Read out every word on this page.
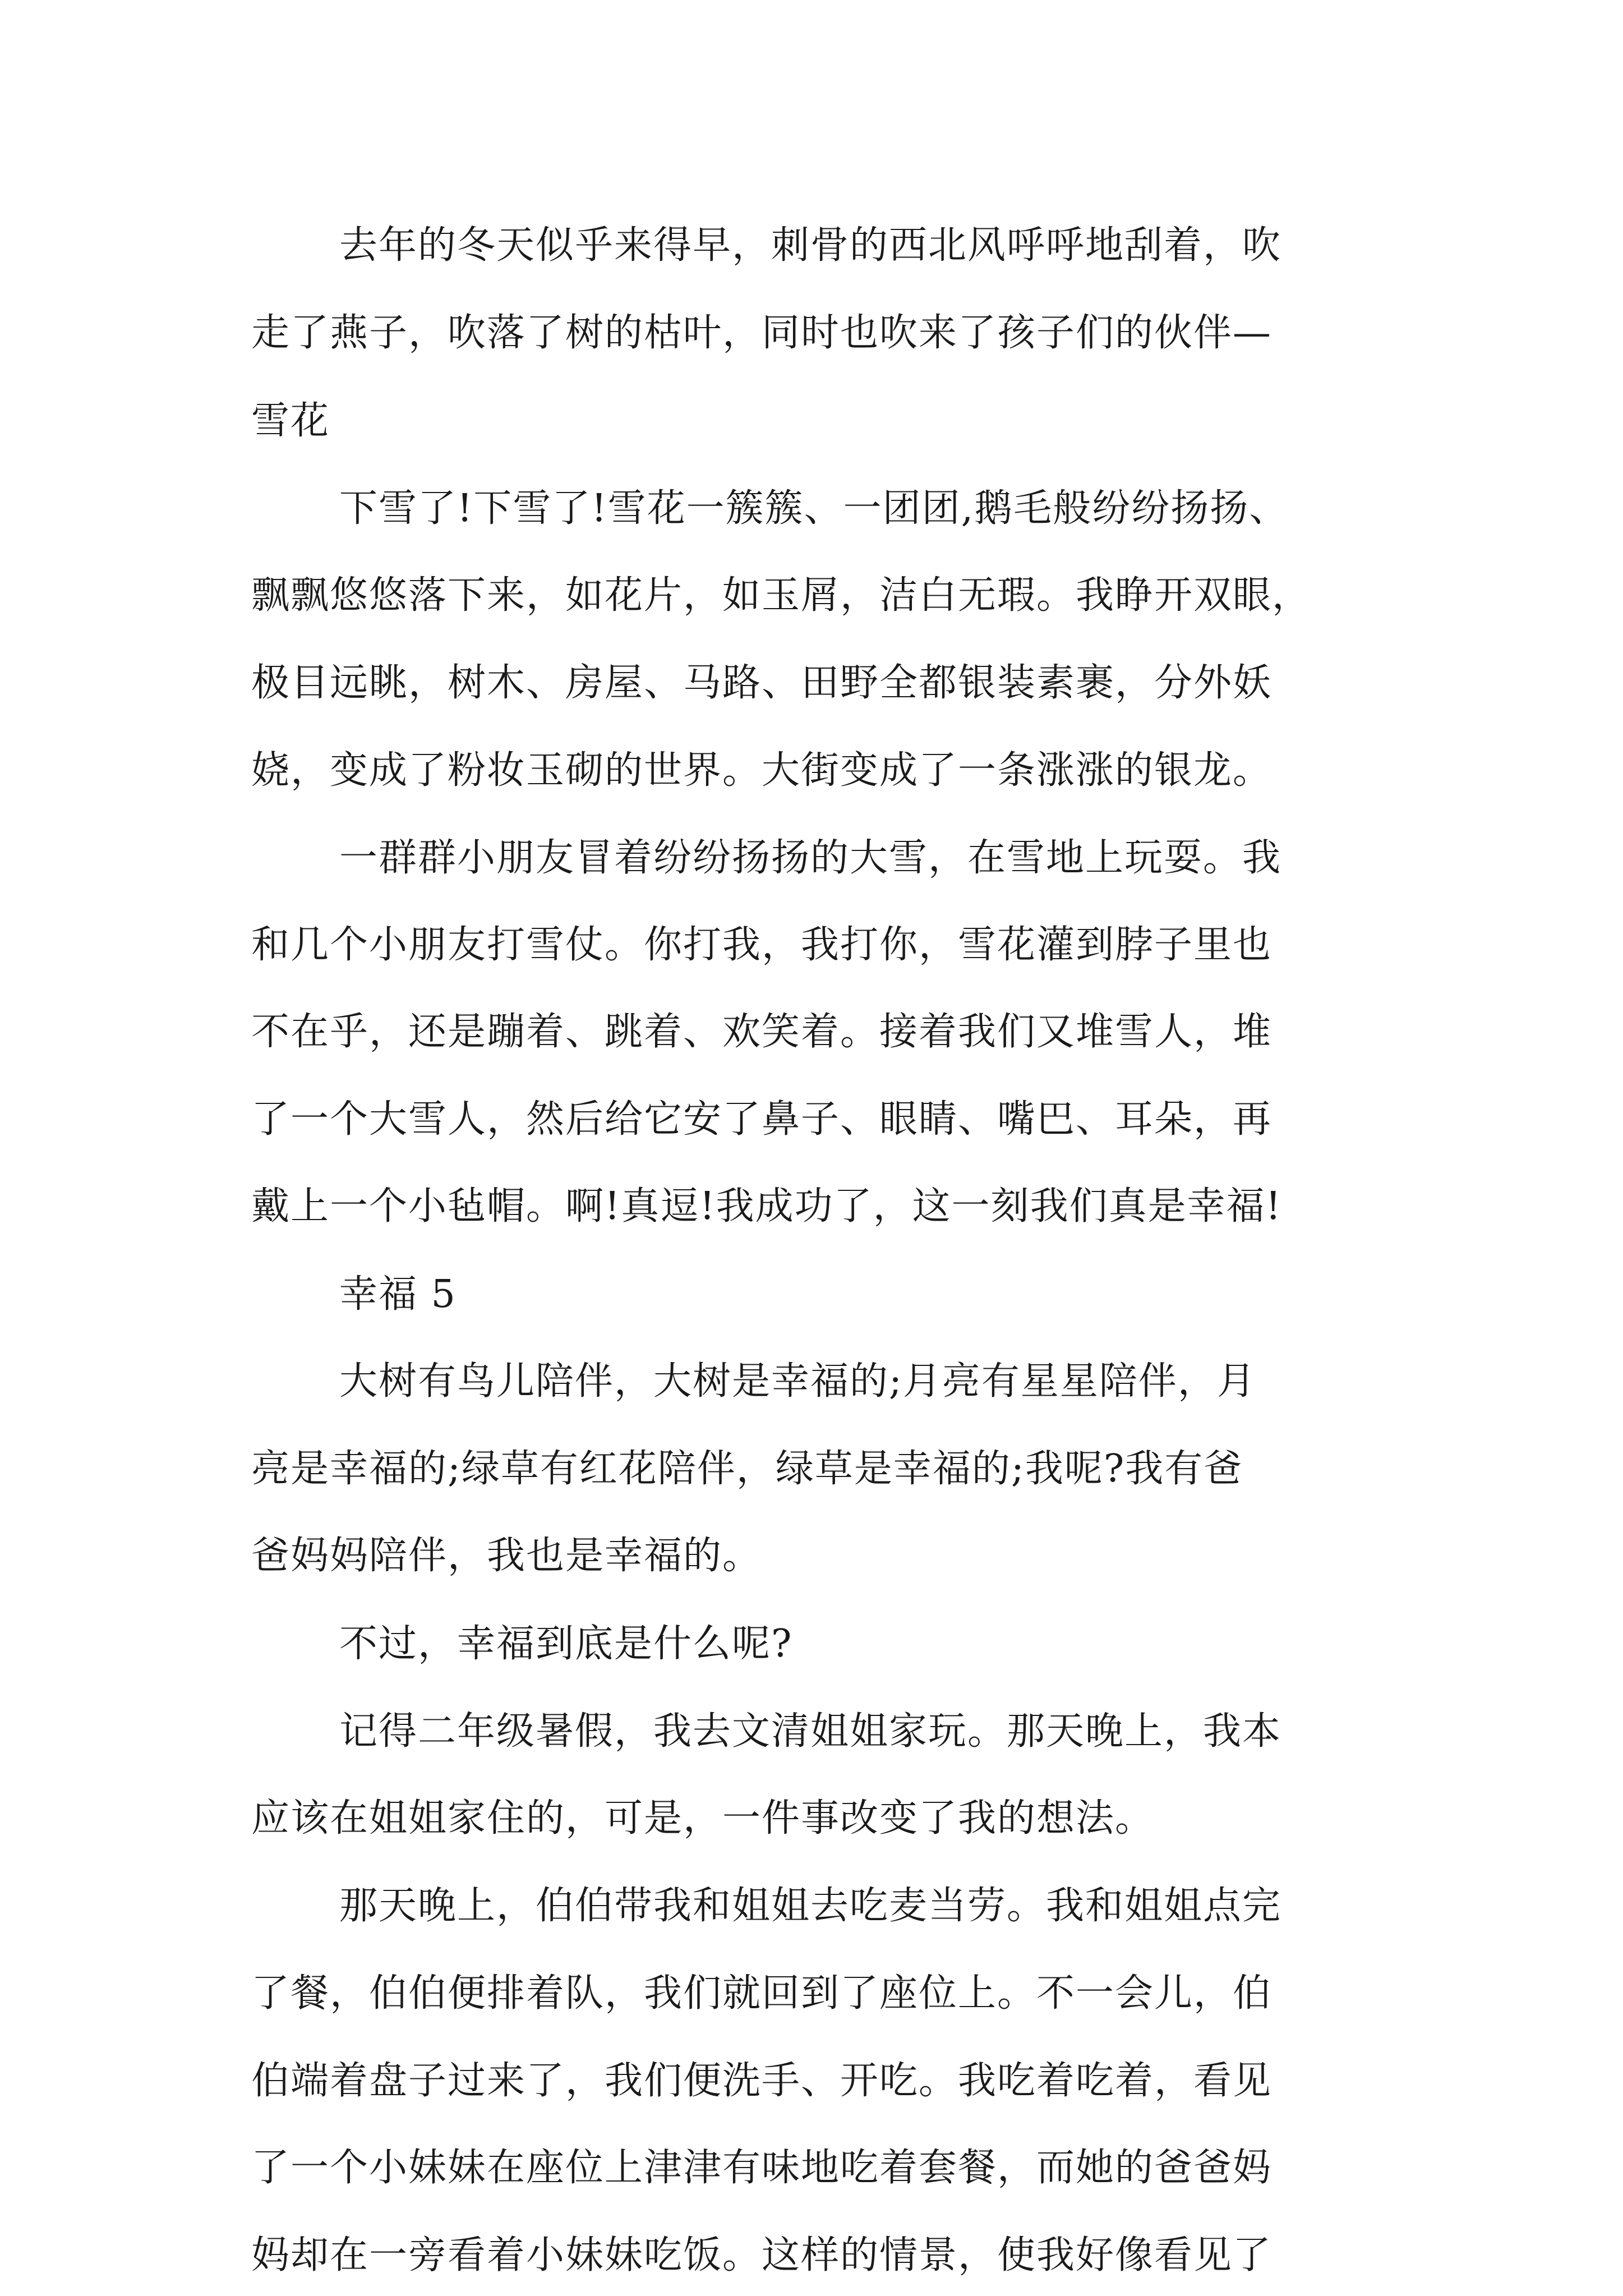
去年的冬天似乎来得早，刺骨的西北风呼呼地刮着，吹
走了燕子，吹落了树的枯叶，同时也吹来了孩子们的伙伴—
雪花
下雪了!下雪了!雪花一簇簇、一团团,鹅毛般纷纷扬扬、
飘飘悠悠落下来，如花片，如玉屑，洁白无瑕。我睁开双眼，
极目远眺，树木、房屋、马路、田野全都银装素裹，分外妖
娆，变成了粉妆玉砌的世界。大街变成了一条涨涨的银龙。
一群群小朋友冒着纷纷扬扬的大雪，在雪地上玩耍。我
和几个小朋友打雪仗。你打我，我打你，雪花灌到脖子里也
不在乎，还是蹦着、跳着、欢笑着。接着我们又堆雪人，堆
了一个大雪人，然后给它安了鼻子、眼睛、嘴巴、耳朵，再
戴上一个小毡帽。啊!真逗!我成功了，这一刻我们真是幸福!
幸福 5
大树有鸟儿陪伴，大树是幸福的;月亮有星星陪伴，月
亮是幸福的;绿草有红花陪伴，绿草是幸福的;我呢?我有爸
爸妈妈陪伴，我也是幸福的。
不过，幸福到底是什么呢?
记得二年级暑假，我去文清姐姐家玩。那天晚上，我本
应该在姐姐家住的，可是，一件事改变了我的想法。
那天晚上，伯伯带我和姐姐去吃麦当劳。我和姐姐点完
了餐，伯伯便排着队，我们就回到了座位上。不一会儿，伯
伯端着盘子过来了，我们便洗手、开吃。我吃着吃着，看见
了一个小妹妹在座位上津津有味地吃着套餐，而她的爸爸妈
妈却在一旁看着小妹妹吃饭。这样的情景，使我好像看见了
